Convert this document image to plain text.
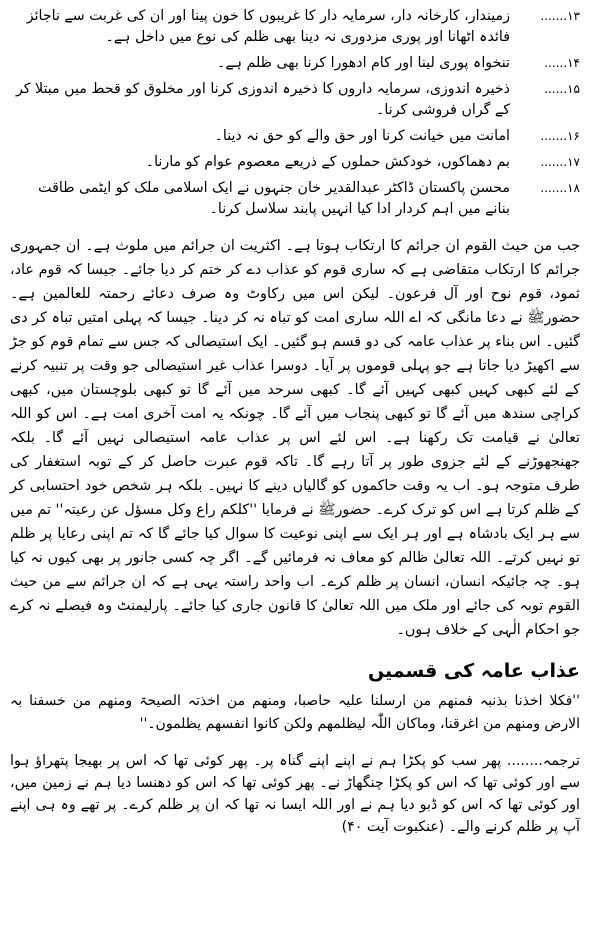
۱۳.......
زمیندار، کارخانہ دار، سرمایہ دار کا غریبوں کا خون پینا اور ان کی غربت سے ناجائز فائدہ اٹھانا اور پوری مزدوری نہ دینا بھی ظلم کی نوع میں داخل ہے۔
۱۴......
تنخواہ پوری لینا اور کام ادھورا کرنا بھی ظلم ہے۔
۱۵......
ذخیرہ اندوزی، سرمایہ داروں کا ذخیرہ اندوزی کرنا اور مخلوق کو قحط میں مبتلا کر کے گراں فروشی کرنا۔
۱۶.......
امانت میں خیانت کرنا اور حق والے کو حق نہ دینا۔
۱۷.......
بم دھماکوں، خودکش حملوں کے ذریعے معصوم عوام کو مارنا۔
۱۸.......
محسن پاکستان ڈاکٹر عبدالقدیر خان جنہوں نے ایک اسلامی ملک کو ایٹمی طاقت بنانے میں اہم کردار ادا کیا انہیں پابند سلاسل کرنا۔

جب من حیث القوم ان جرائم کا ارتکاب ہوتا ہے۔ اکثریت ان جرائم میں ملوث ہے۔ ان جمہوری جرائم کا ارتکاب متقاضی ہے کہ ساری قوم کو عذاب دے کر ختم کر دیا جائے۔ جیسا کہ قوم عاد، ثمود، قوم نوح اور آل فرعون۔ لیکن اس میں رکاوٹ وہ صرف دعائے رحمتہ للعالمین ہے۔ حضورﷺ نے دعا مانگی کہ اے اللہ ساری امت کو تباہ نہ کر دینا۔ جیسا کہ پہلی امتیں تباہ کر دی گئیں۔ اس بناء پر عذاب عامہ کی دو قسم ہو گئیں۔ ایک استیصالی کہ جس سے تمام قوم کو جڑ سے اکھیڑ دیا جاتا ہے جو پہلی قوموں پر آیا۔ دوسرا عذاب غیر استیصالی جو وقت پر تنبیہ کرنے کے لئے کبھی کہیں کبھی کہیں آئے گا۔ کبھی سرحد میں آئے گا تو کبھی بلوچستان میں، کبھی کراچی سندھ میں آئے گا تو کبھی پنجاب میں آئے گا۔ چونکہ یہ امت آخری امت ہے۔ اس کو اللہ تعالیٰ نے قیامت تک رکھنا ہے۔ اس لئے اس پر عذاب عامہ استیصالی نہیں آئے گا۔ بلکہ جھنجھوڑنے کے لئے جزوی طور پر آتا رہے گا۔ تاکہ قوم عبرت حاصل کر کے توبہ استغفار کی طرف متوجہ ہو۔ اب یہ وقت حاکموں کو گالیاں دینے کا نہیں۔ بلکہ ہر شخص خود احتسابی کر کے ظلم کرتا ہے اس کو ترک کرے۔ حضورﷺ نے فرمایا ''کلکم راع وکل مسؤل عن رعیتہ'' تم میں سے ہر ایک بادشاہ ہے اور ہر ایک سے اپنی نوعیت کا سوال کیا جائے گا کہ تم اپنی رعایا پر ظلم تو نہیں کرتے۔ اللہ تعالیٰ ظالم کو معاف نہ فرمائیں گے۔ اگر چہ کسی جانور پر بھی کیوں نہ کیا ہو۔ چہ جائیکہ انسان، انسان پر ظلم کرے۔ اب واحد راستہ یہی ہے کہ ان جرائم سے من حیث القوم توبہ کی جائے اور ملک میں اللہ تعالیٰ کا قانون جاری کیا جائے۔ پارلیمنٹ وہ فیصلے نہ کرے جو احکام الٰہی کے خلاف ہوں۔

عذاب عامہ کی قسمیں

''فکلا اخذنا بذنبہ فمنھم من ارسلنا علیہ حاصبا، ومنھم من اخذتہ الصیحۃ ومنھم من خسفنا بہ الارض ومنھم من اغرقنا، وماکان اللّٰہ لیظلمھم ولکن کانوا انفسھم یظلمون۔''

ترجمہ........ پھر سب کو پکڑا ہم نے اپنے اپنے گناہ پر۔ پھر کوئی تھا کہ اس پر بھیجا پتھراؤ ہوا سے اور کوئی تھا کہ اس کو پکڑا چنگھاڑ نے۔ پھر کوئی تھا کہ اس کو دھنسا دیا ہم نے زمین میں، اور کوئی تھا کہ اس کو ڈبو دیا ہم نے اور اللہ ایسا نہ تھا کہ ان پر ظلم کرے۔ پر تھے وہ ہی اپنے آپ پر ظلم کرنے والے۔ (عنکبوت آیت ۴۰)
